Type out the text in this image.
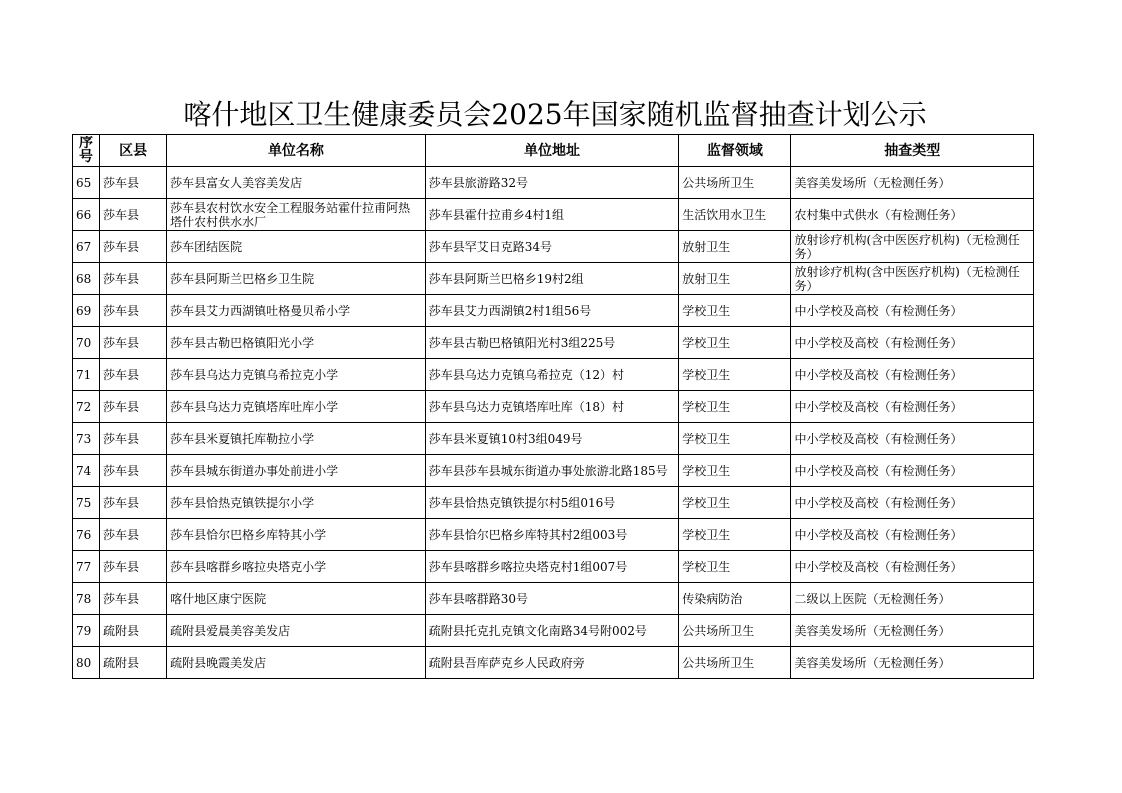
喀什地区卫生健康委员会2025年国家随机监督抽查计划公示
序号	区县	单位名称	单位地址	监督领域	抽查类型
65	莎车县	莎车县富女人美容美发店	莎车县旅游路32号	公共场所卫生	美容美发场所（无检测任务）
66	莎车县	莎车县农村饮水安全工程服务站霍什拉甫阿热塔什农村供水水厂	莎车县霍什拉甫乡4村1组	生活饮用水卫生	农村集中式供水（有检测任务）
67	莎车县	莎车团结医院	莎车县罕艾日克路34号	放射卫生	放射诊疗机构(含中医医疗机构)（无检测任务）
68	莎车县	莎车县阿斯兰巴格乡卫生院	莎车县阿斯兰巴格乡19村2组	放射卫生	放射诊疗机构(含中医医疗机构)（无检测任务）
69	莎车县	莎车县艾力西湖镇吐格曼贝希小学	莎车县艾力西湖镇2村1组56号	学校卫生	中小学校及高校（有检测任务）
70	莎车县	莎车县古勒巴格镇阳光小学	莎车县古勒巴格镇阳光村3组225号	学校卫生	中小学校及高校（有检测任务）
71	莎车县	莎车县乌达力克镇乌希拉克小学	莎车县乌达力克镇乌希拉克（12）村	学校卫生	中小学校及高校（有检测任务）
72	莎车县	莎车县乌达力克镇塔库吐库小学	莎车县乌达力克镇塔库吐库（18）村	学校卫生	中小学校及高校（有检测任务）
73	莎车县	莎车县米夏镇托库勒拉小学	莎车县米夏镇10村3组049号	学校卫生	中小学校及高校（有检测任务）
74	莎车县	莎车县城东街道办事处前进小学	莎车县莎车县城东街道办事处旅游北路185号	学校卫生	中小学校及高校（有检测任务）
75	莎车县	莎车县恰热克镇铁提尔小学	莎车县恰热克镇铁提尔村5组016号	学校卫生	中小学校及高校（有检测任务）
76	莎车县	莎车县恰尔巴格乡库特其小学	莎车县恰尔巴格乡库特其村2组003号	学校卫生	中小学校及高校（有检测任务）
77	莎车县	莎车县喀群乡喀拉央塔克小学	莎车县喀群乡喀拉央塔克村1组007号	学校卫生	中小学校及高校（有检测任务）
78	莎车县	喀什地区康宁医院	莎车县喀群路30号	传染病防治	二级以上医院（无检测任务）
79	疏附县	疏附县爱晨美容美发店	疏附县托克扎克镇文化南路34号附002号	公共场所卫生	美容美发场所（无检测任务）
80	疏附县	疏附县晚霞美发店	疏附县吾库萨克乡人民政府旁	公共场所卫生	美容美发场所（无检测任务）
